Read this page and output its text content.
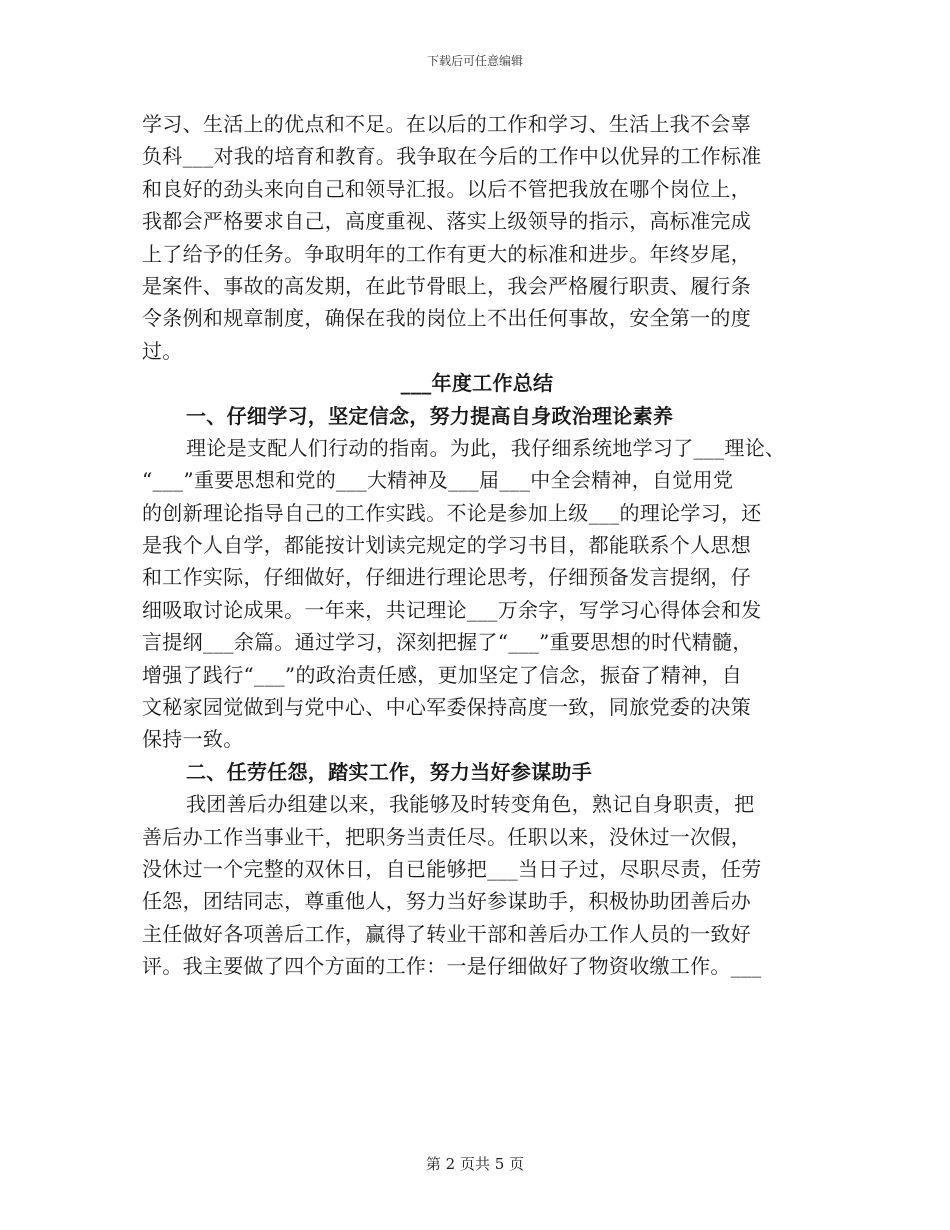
下载后可任意编辑
学习、生活上的优点和不足。在以后的工作和学习、生活上我不会辜
负科___对我的培育和教育。我争取在今后的工作中以优异的工作标准
和良好的劲头来向自己和领导汇报。以后不管把我放在哪个岗位上，
我都会严格要求自己，高度重视、落实上级领导的指示，高标准完成
上了给予的任务。争取明年的工作有更大的标准和进步。年终岁尾，
是案件、事故的高发期，在此节骨眼上，我会严格履行职责、履行条
令条例和规章制度，确保在我的岗位上不出任何事故，安全第一的度
过。
___年度工作总结
一、仔细学习，坚定信念，努力提高自身政治理论素养
理论是支配人们行动的指南。为此，我仔细系统地学习了___理论、
“___”重要思想和党的___大精神及___届___中全会精神，自觉用党
的创新理论指导自己的工作实践。不论是参加上级___的理论学习，还
是我个人自学，都能按计划读完规定的学习书目，都能联系个人思想
和工作实际，仔细做好，仔细进行理论思考，仔细预备发言提纲，仔
细吸取讨论成果。一年来，共记理论___万余字，写学习心得体会和发
言提纲___余篇。通过学习，深刻把握了“___”重要思想的时代精髓，
增强了践行“___”的政治责任感，更加坚定了信念，振奋了精神，自
文秘家园觉做到与党中心、中心军委保持高度一致，同旅党委的决策
保持一致。
二、任劳任怨，踏实工作，努力当好参谋助手
我团善后办组建以来，我能够及时转变角色，熟记自身职责，把
善后办工作当事业干，把职务当责任尽。任职以来，没休过一次假，
没休过一个完整的双休日，自已能够把___当日子过，尽职尽责，任劳
任怨，团结同志，尊重他人，努力当好参谋助手，积极协助团善后办
主任做好各项善后工作，赢得了转业干部和善后办工作人员的一致好
评。我主要做了四个方面的工作：一是仔细做好了物资收缴工作。___
第 2 页共 5 页
